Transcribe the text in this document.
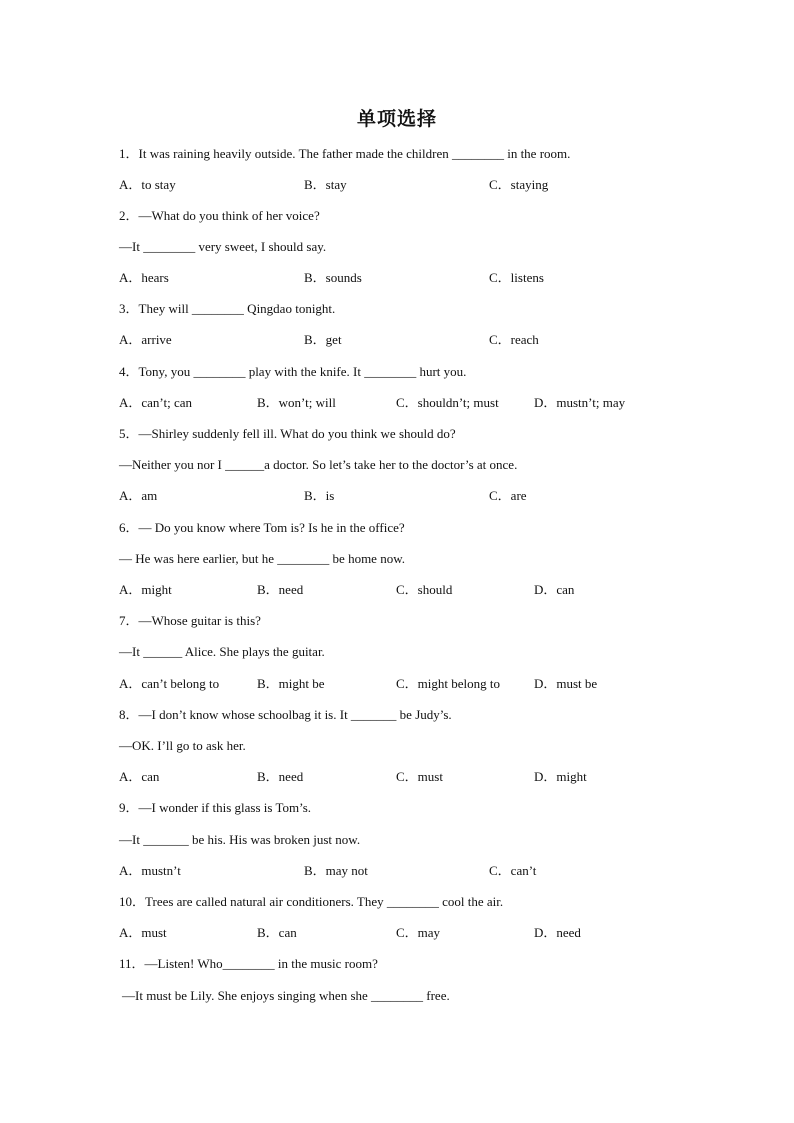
单项选择
1．It was raining heavily outside. The father made the children ________ in the room.
A．to stay	B．stay	C．staying
2．—What do you think of her voice?
—It ________ very sweet, I should say.
A．hears	B．sounds	C．listens
3．They will ________ Qingdao tonight.
A．arrive	B．get	C．reach
4．Tony, you ________ play with the knife. It ________ hurt you.
A．can’t; can	B．won’t; will	C．shouldn’t; must	D．mustn’t; may
5．—Shirley suddenly fell ill. What do you think we should do?
—Neither you nor I ______a doctor. So let’s take her to the doctor’s at once.
A．am	B．is	C．are
6．— Do you know where Tom is? Is he in the office?
— He was here earlier, but he ________ be home now.
A．might	B．need	C．should	D．can
7．—Whose guitar is this?
—It ______ Alice. She plays the guitar.
A．can’t belong to	B．might be	C．might belong to	D．must be
8．—I don’t know whose schoolbag it is. It _______ be Judy’s.
—OK. I’ll go to ask her.
A．can	B．need	C．must	D．might
9．—I wonder if this glass is Tom’s.
—It _______ be his. His was broken just now.
A．mustn’t	B．may not	C．can’t
10．Trees are called natural air conditioners. They ________ cool the air.
A．must	B．can	C．may	D．need
11．—Listen! Who________ in the music room?
—It must be Lily. She enjoys singing when she ________ free.
